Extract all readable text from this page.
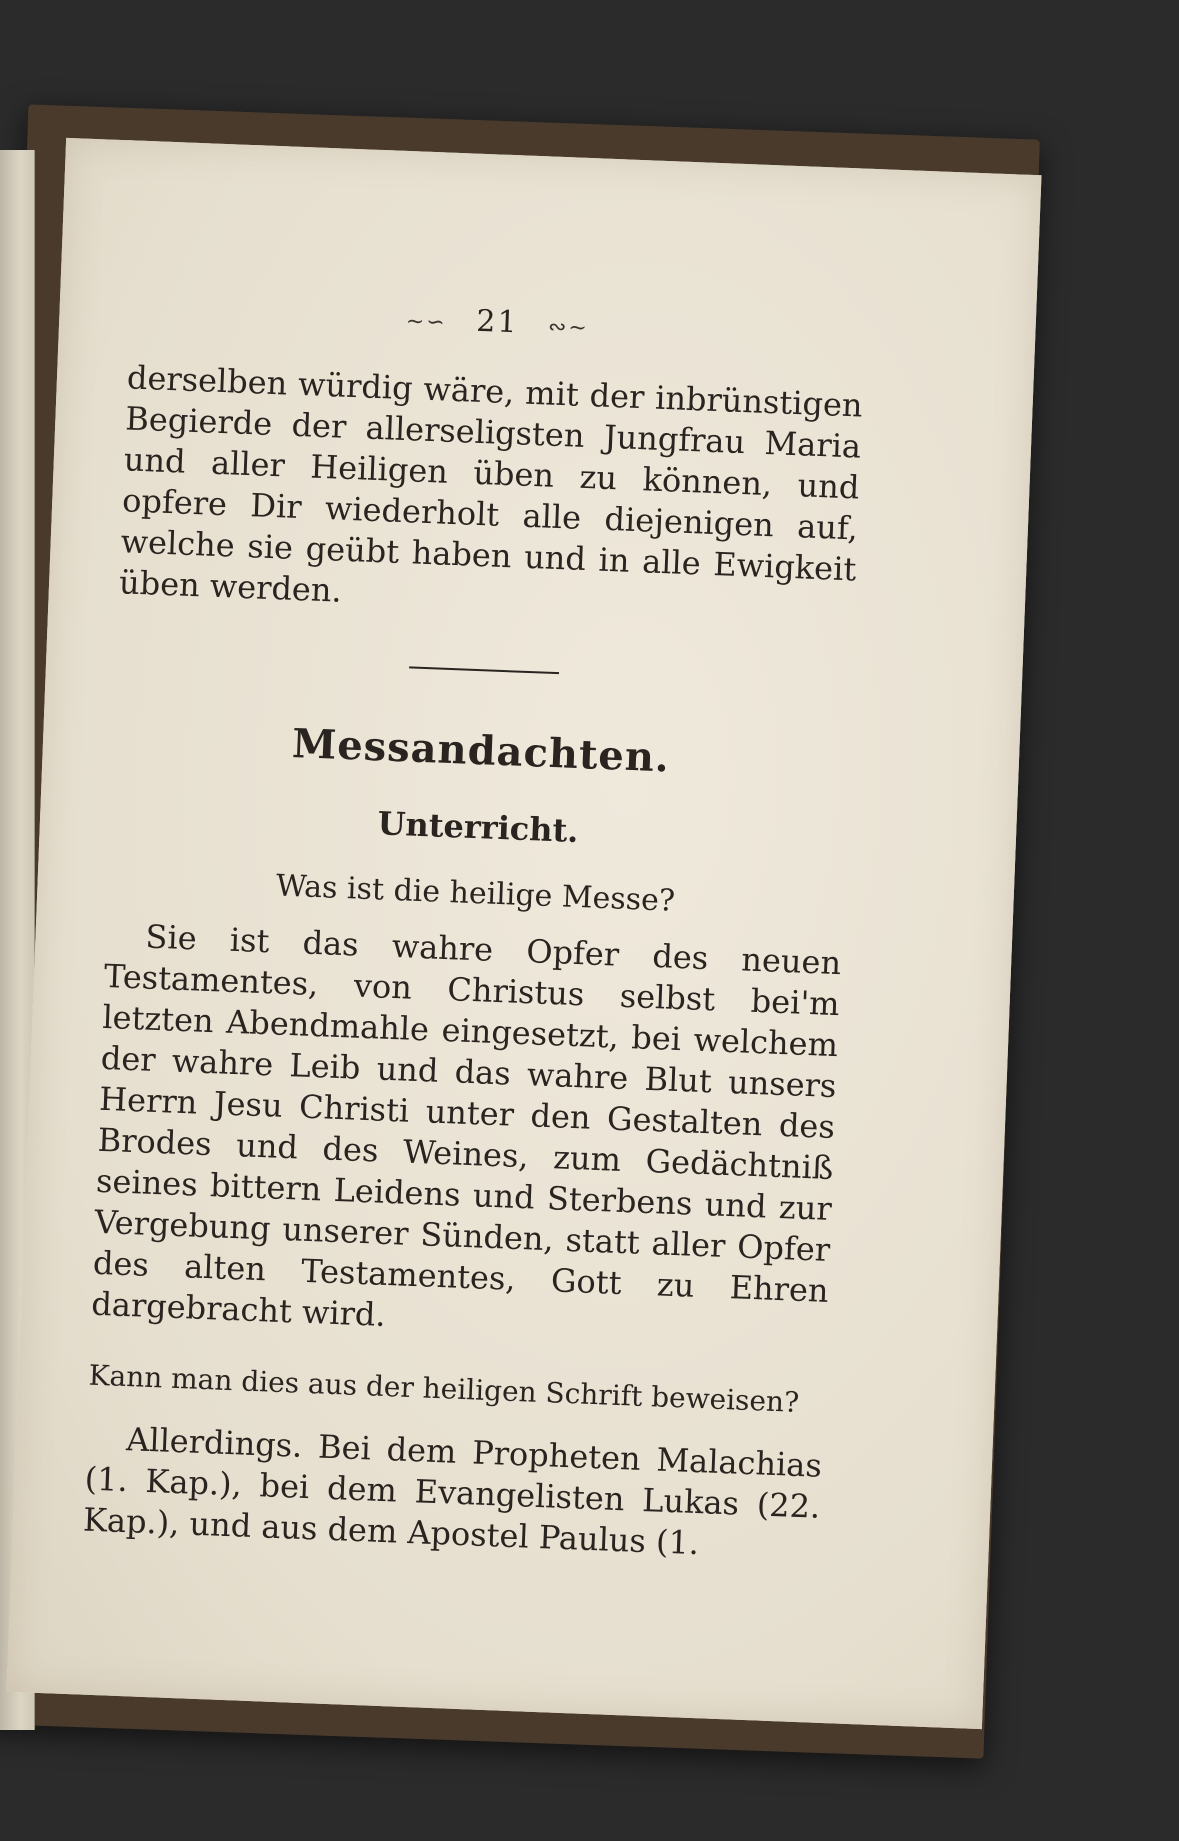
~∽ 21 ∾~

derselben würdig wäre, mit der inbrünstigen Begierde der allerseligsten Jungfrau Maria und aller Heiligen üben zu können, und opfere Dir wiederholt alle diejenigen auf, welche sie geübt haben und in alle Ewigkeit üben werden.

Messandachten.
Unterricht.
Was ist die heilige Messe?

Sie ist das wahre Opfer des neuen Testamentes, von Christus selbst bei'm letzten Abendmahle eingesetzt, bei welchem der wahre Leib und das wahre Blut unsers Herrn Jesu Christi unter den Gestalten des Brodes und des Weines, zum Gedächtniß seines bittern Leidens und Sterbens und zur Vergebung unserer Sünden, statt aller Opfer des alten Testamentes, Gott zu Ehren dargebracht wird.

Kann man dies aus der heiligen Schrift beweisen?

Allerdings. Bei dem Propheten Malachias (1. Kap.), bei dem Evangelisten Lukas (22. Kap.), und aus dem Apostel Paulus (1.
